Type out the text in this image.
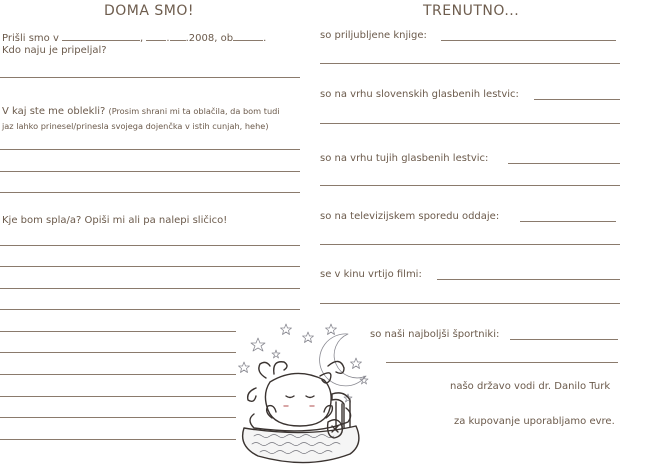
DOMA SMO!
Prišli smo v	, . .2008, ob	.
Kdo naju je pripeljal?
V kaj ste me oblekli? (Prosim shrani mi ta oblačila, da bom tudi
jaz lahko prinesel/prinesla svojega dojenčka v istih cunjah, hehe)
Kje bom spla/a? Opiši mi ali pa nalepi sličico!
TRENUTNO...
so priljubljene knjige:
so na vrhu slovenskih glasbenih lestvic:
so na vrhu tujih glasbenih lestvic:
so na televizijskem sporedu oddaje:
se v kinu vrtijo filmi:
so naši najboljši športniki:
našo državo vodi dr. Danilo Turk
za kupovanje uporabljamo evre.
